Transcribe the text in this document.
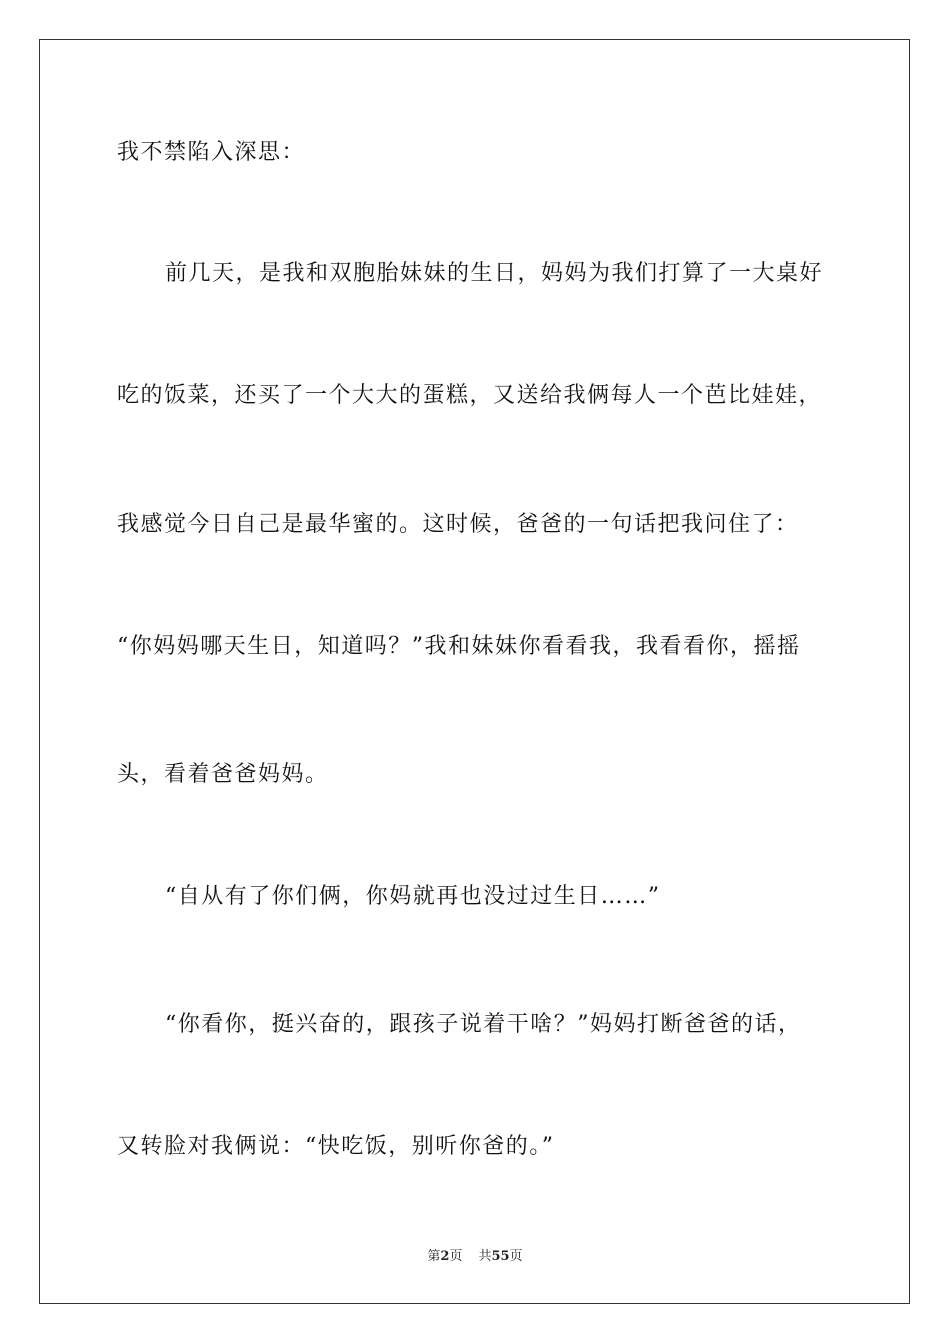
我不禁陷入深思：
前几天，是我和双胞胎妹妹的生日，妈妈为我们打算了一大桌好
吃的饭菜，还买了一个大大的蛋糕，又送给我俩每人一个芭比娃娃，
我感觉今日自己是最华蜜的。这时候，爸爸的一句话把我问住了：
“你妈妈哪天生日，知道吗？”我和妹妹你看看我，我看看你，摇摇
头，看着爸爸妈妈。
“自从有了你们俩，你妈就再也没过过生日……”
“你看你，挺兴奋的，跟孩子说着干啥？”妈妈打断爸爸的话，
又转脸对我俩说：“快吃饭，别听你爸的。”
第2页 共55页
